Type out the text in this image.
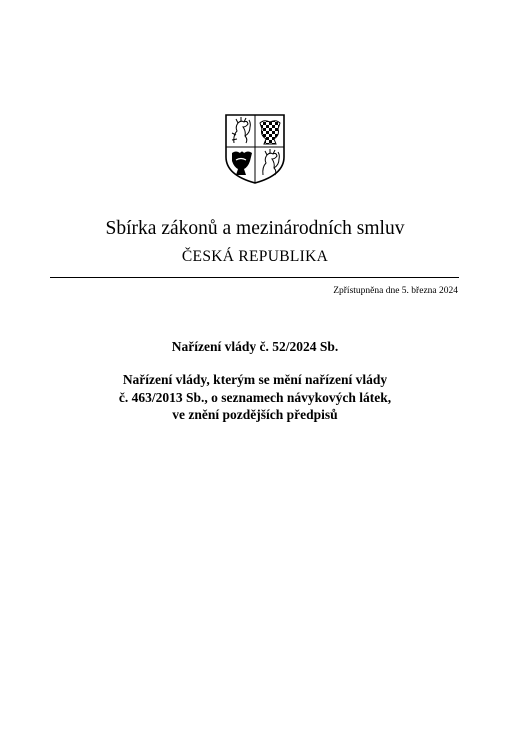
Sbírka zákonů a mezinárodních smluv
ČESKÁ REPUBLIKA
Zpřístupněna dne 5. března 2024
Nařízení vlády č. 52/2024 Sb.
Nařízení vlády, kterým se mění nařízení vlády
č. 463/2013 Sb., o seznamech návykových látek,
ve znění pozdějších předpisů
